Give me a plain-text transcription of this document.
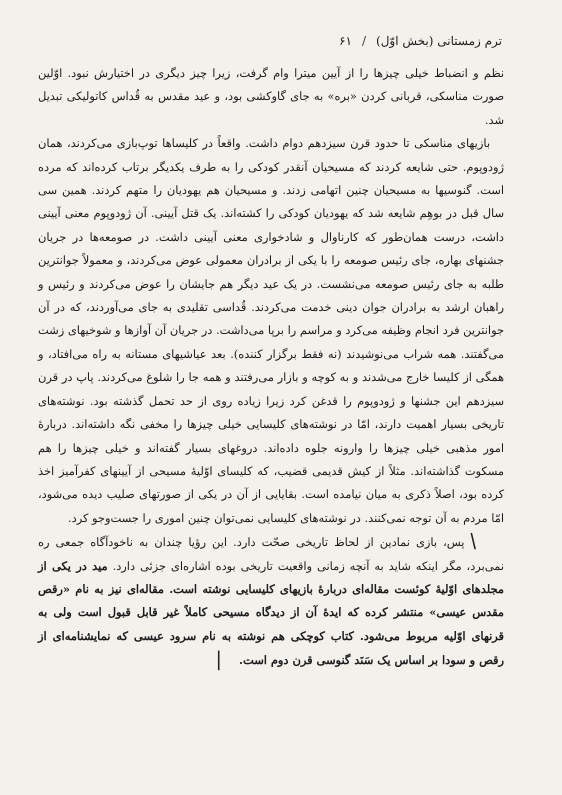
ترم زمستانی (بخش اوّل)
/
۶۱

نظم و انضباط خیلی چیزها را از آیین میترا وام گرفت، زیرا چیز دیگری در اختیارش نبود. اوّلین صورت مناسکی، قربانی کردن «بره» به جای گاوکشی بود، و عید مقدس به قُداس کاتولیکی تبدیل شد.

بازیهای مناسکی تا حدود قرن سیزدهم دوام داشت. واقعاً در کلیساها توپ‌بازی می‌کردند، همان ژودوپوم. حتی شایعه کردند که مسیحیان آنقدر کودکی را به طرف یکدیگر برتاب کرده‌اند که مرده است. گنوسیها به مسیحیان چنین اتهامی زدند. و مسیحیان هم یهودیان را متهم کردند. همین سی سال قبل در بوهِم شایعه شد که یهودیان کودکی را کشته‌اند. یک قتل آیینی. آن ژودوپوم معنی آیینی داشت، درست همان‌طور که کارناوال و شادخواری معنی آیینی داشت. در صومعه‌ها در جریان جشنهای بهاره، جای رئیس صومعه را با یکی از برادران معمولی عوض می‌کردند، و معمولاً جوانترین طلبه به جای رئیس صومعه می‌نشست. در یک عید دیگر هم جایشان را عوض می‌کردند و رئیس و راهبان ارشد به برادران جوان دینی خدمت می‌کردند. قُداسی تقلیدی به جای می‌آوردند، که در آن جوانترین فرد انجام وظیفه می‌کرد و مراسم را برپا می‌داشت. در جریان آن آوازها و شوخیهای زشت می‌گفتند. همه شراب می‌نوشیدند (نه فقط برگزار کننده). بعد عیاشیهای مستانه به راه می‌افتاد، و همگی از کلیسا خارج می‌شدند و به کوچه و بازار می‌رفتند و همه جا را شلوغ می‌کردند. پاپ در قرن سیزدهم این جشنها و ژودوپوم را قدغن کرد زیرا زیاده روی از حد تحمل گذشته بود. نوشته‌های تاریخی بسیار اهمیت دارند، امّا در نوشته‌های کلیسایی خیلی چیزها را مخفی نگه داشته‌اند. دربارهٔ امور مذهبی خیلی چیزها را وارونه جلوه داده‌اند. دروغهای بسیار گفته‌اند و خیلی چیزها را هم مسکوت گذاشته‌اند. مثلاً از کیش قدیمی قضیب، که کلیسای اوّلیهٔ مسیحی از آیینهای کفرآمیز اخذ کرده بود، اصلاً ذکری به میان نیامده است. بقایایی از آن در یکی از صورتهای صلیب دیده می‌شود، امّا مردم به آن توجه نمی‌کنند. در نوشته‌های کلیسایی نمی‌توان چنین اموری را جست‌وجو کرد.

\ پس، بازی نمادین از لحاظ تاریخی صحّت دارد. این رؤیا چندان به ناخودآگاه جمعی ره نمی‌برد، مگر اینکه شاید به آنچه زمانی واقعیت تاریخی بوده اشاره‌ای جزئی دارد. مید در یکی از مجلدهای اوّلیهٔ کوئست مقاله‌ای دربارهٔ بازیهای کلیسایی نوشته است. مقاله‌ای نیز به نام «رقص مقدس عیسی» منتشر کرده که ایدهٔ آن از دیدگاه مسیحی کاملاً غیر قابل قبول است ولی به قرنهای اوّلیه مربوط می‌شود. کتاب کوچکی هم نوشته به نام سرود عیسی که نمایشنامه‌ای از رقص و سودا بر اساس یک سَنَد گنوسی قرن دوم است. |
